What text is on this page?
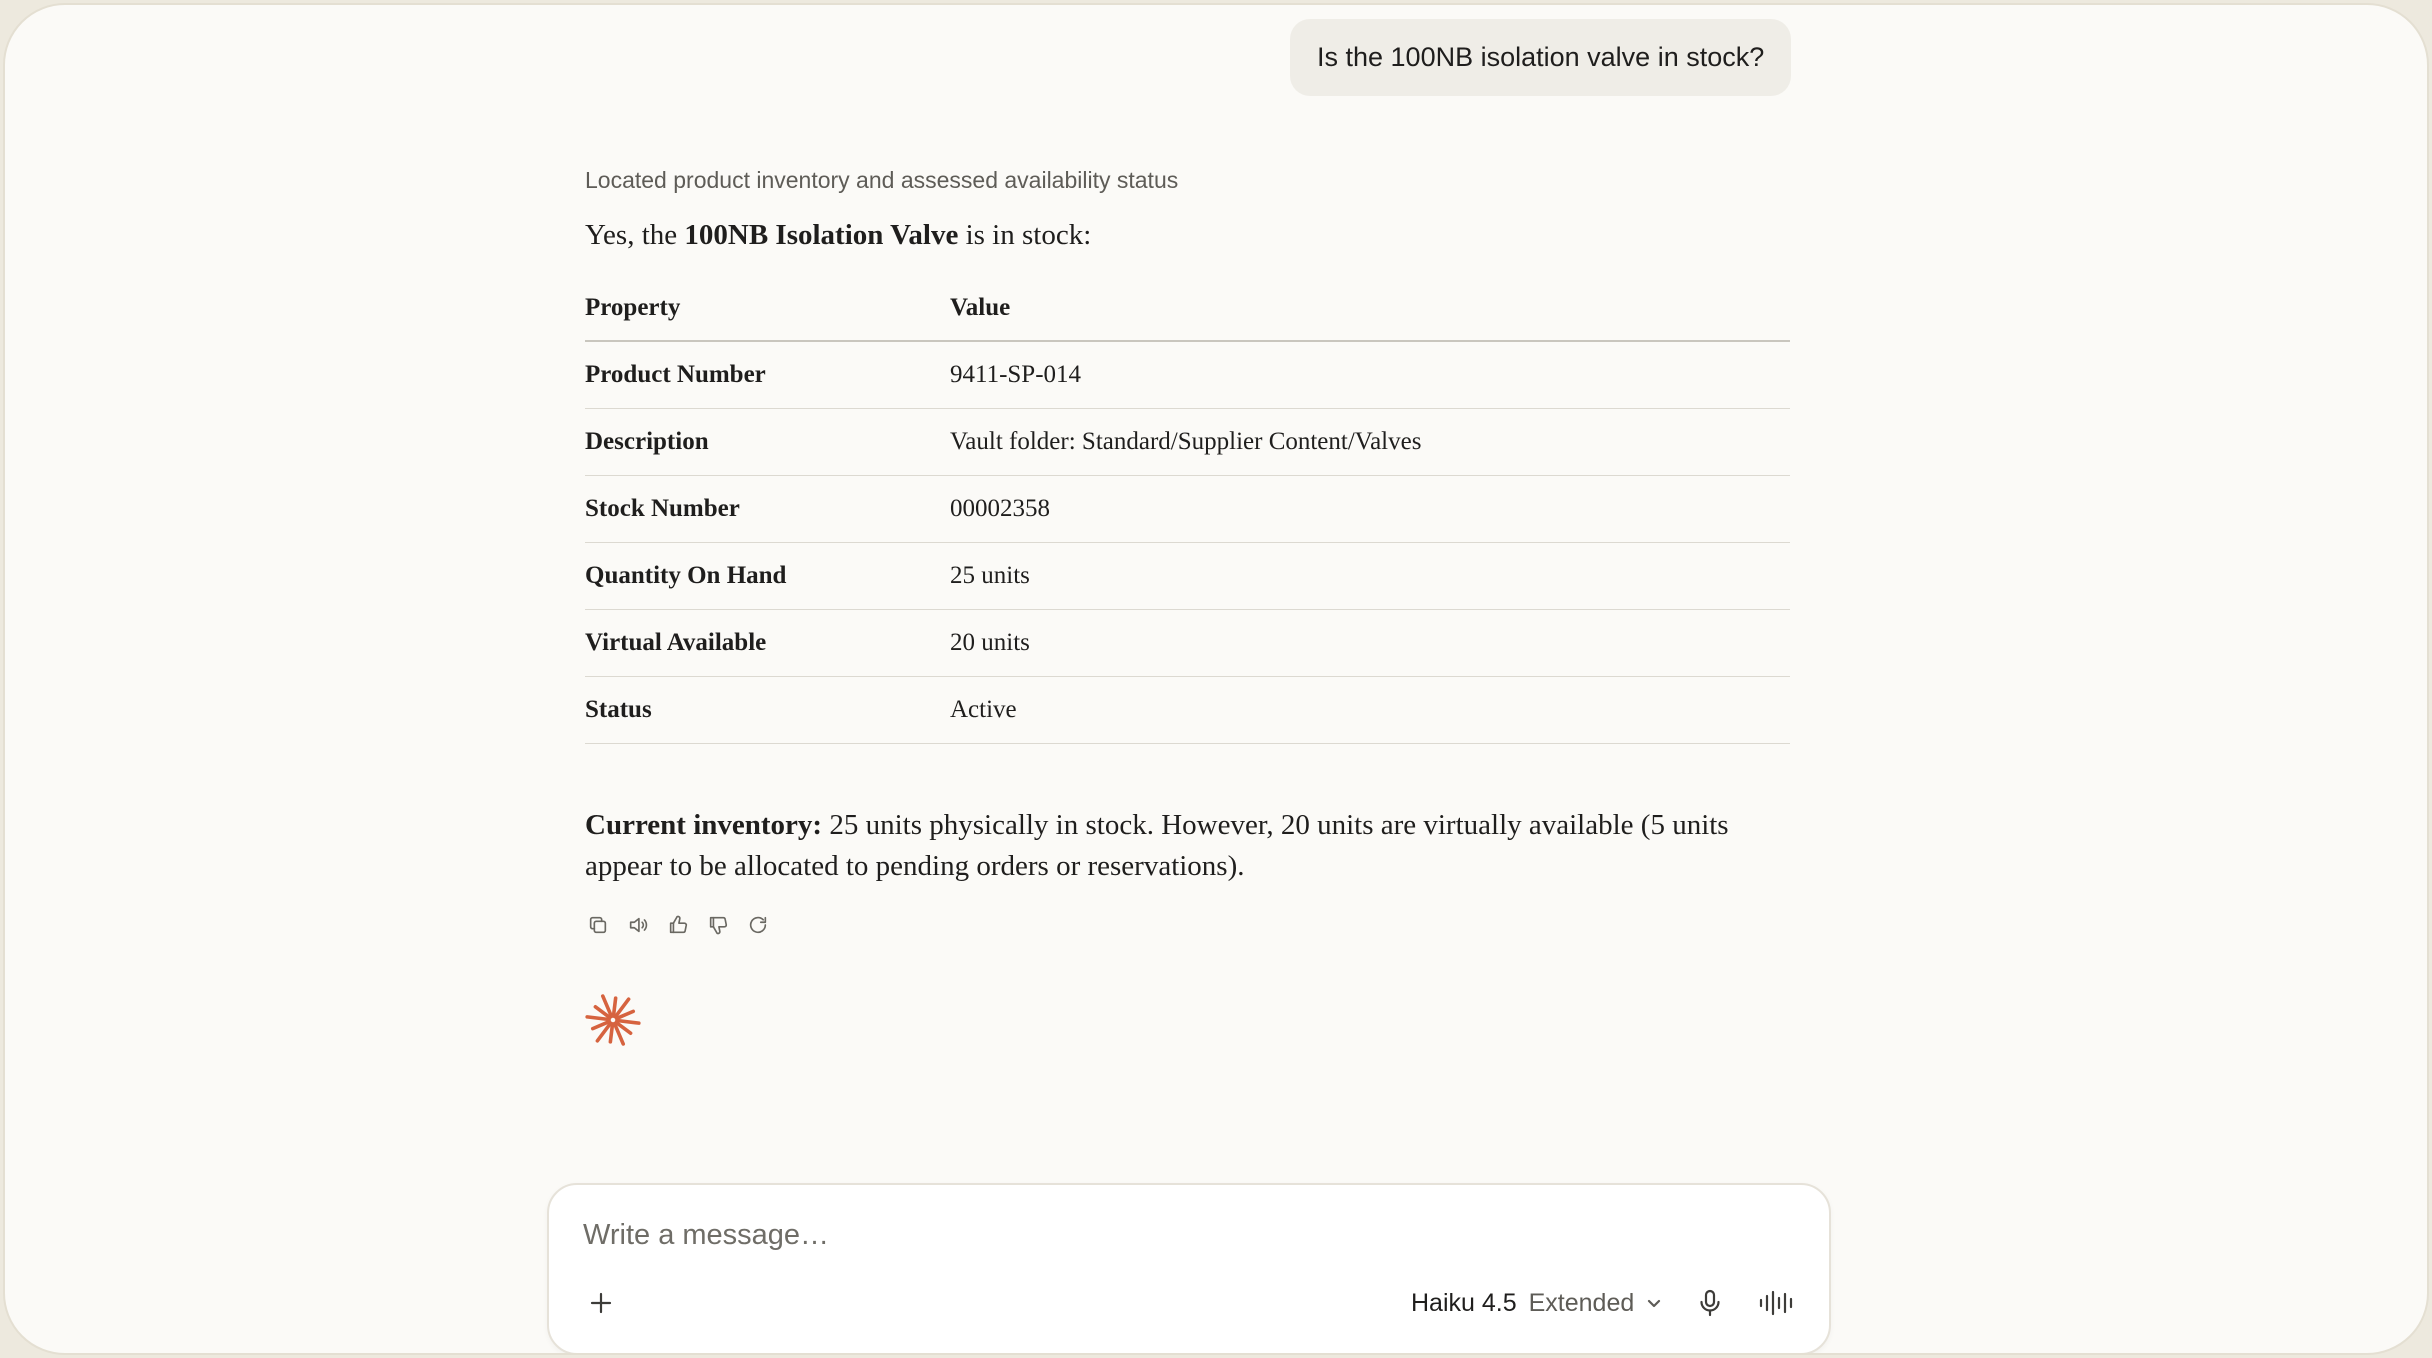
Is the 100NB isolation valve in stock?
Located product inventory and assessed availability status
Yes, the 100NB Isolation Valve is in stock:
Property	Value
Product Number	9411-SP-014
Description	Vault folder: Standard/Supplier Content/Valves
Stock Number	00002358
Quantity On Hand	25 units
Virtual Available	20 units
Status	Active
Current inventory: 25 units physically in stock. However, 20 units are virtually available (5 units appear to be allocated to pending orders or reservations).
Write a message…
Haiku 4.5 Extended
